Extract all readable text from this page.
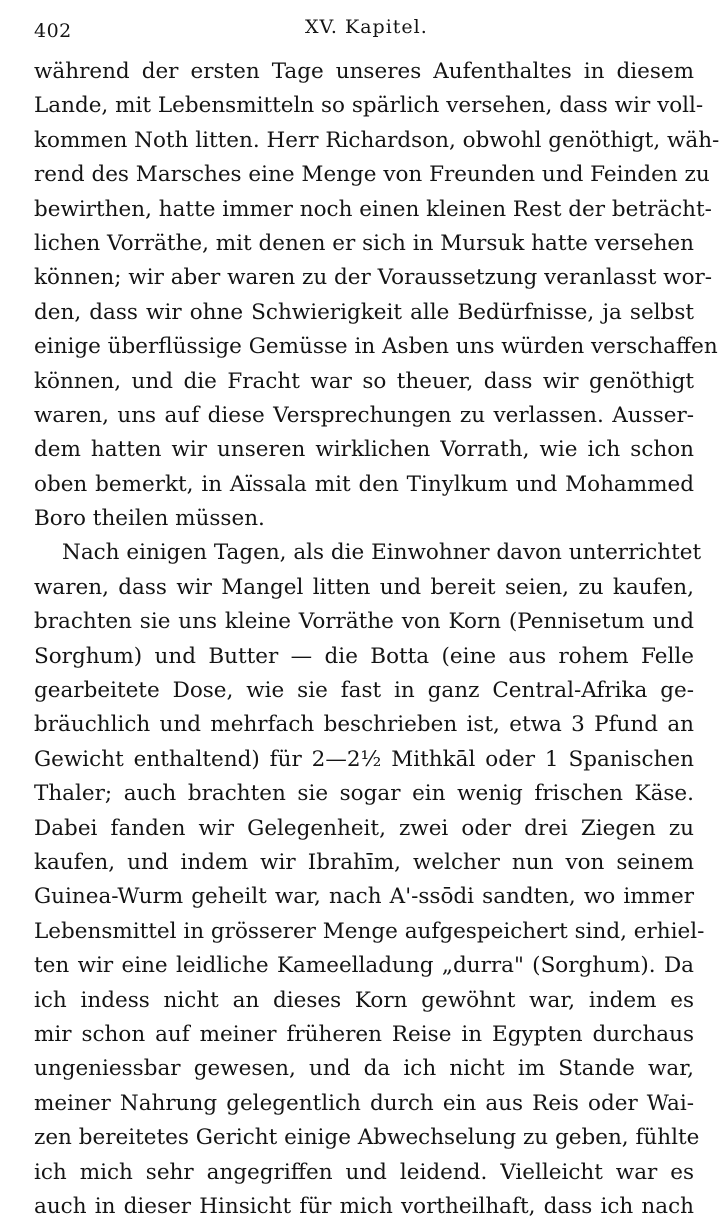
402	XV. Kapitel.
während der ersten Tage unseres Aufenthaltes in diesem
Lande, mit Lebensmitteln so spärlich versehen, dass wir voll-
kommen Noth litten. Herr Richardson, obwohl genöthigt, wäh-
rend des Marsches eine Menge von Freunden und Feinden zu
bewirthen, hatte immer noch einen kleinen Rest der beträcht-
lichen Vorräthe, mit denen er sich in Mursuk hatte versehen
können; wir aber waren zu der Voraussetzung veranlasst wor-
den, dass wir ohne Schwierigkeit alle Bedürfnisse, ja selbst
einige überflüssige Gemüsse in Asben uns würden verschaffen
können, und die Fracht war so theuer, dass wir genöthigt
waren, uns auf diese Versprechungen zu verlassen. Ausser-
dem hatten wir unseren wirklichen Vorrath, wie ich schon
oben bemerkt, in Aïssala mit den Tinylkum und Mohammed
Boro theilen müssen.
Nach einigen Tagen, als die Einwohner davon unterrichtet
waren, dass wir Mangel litten und bereit seien, zu kaufen,
brachten sie uns kleine Vorräthe von Korn (Pennisetum und
Sorghum) und Butter — die Botta (eine aus rohem Felle
gearbeitete Dose, wie sie fast in ganz Central-Afrika ge-
bräuchlich und mehrfach beschrieben ist, etwa 3 Pfund an
Gewicht enthaltend) für 2—2½ Mithkāl oder 1 Spanischen
Thaler; auch brachten sie sogar ein wenig frischen Käse.
Dabei fanden wir Gelegenheit, zwei oder drei Ziegen zu
kaufen, und indem wir Ibrahīm, welcher nun von seinem
Guinea-Wurm geheilt war, nach A'-ssōdi sandten, wo immer
Lebensmittel in grösserer Menge aufgespeichert sind, erhiel-
ten wir eine leidliche Kameelladung „durra" (Sorghum). Da
ich indess nicht an dieses Korn gewöhnt war, indem es
mir schon auf meiner früheren Reise in Egypten durchaus
ungeniessbar gewesen, und da ich nicht im Stande war,
meiner Nahrung gelegentlich durch ein aus Reis oder Wai-
zen bereitetes Gericht einige Abwechselung zu geben, fühlte
ich mich sehr angegriffen und leidend. Vielleicht war es
auch in dieser Hinsicht für mich vortheilhaft, dass ich nach
